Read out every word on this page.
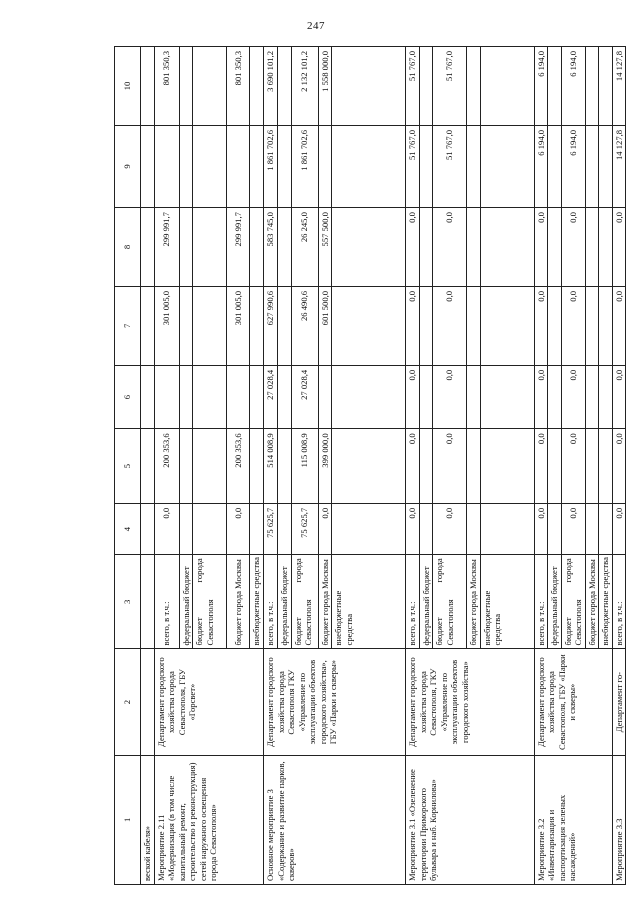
247
1	2	3	4	5	6	7	8	9	10
веской кабеля»									
Мероприятие 2.11 «Модернизация (в том числе капитальный ремонт, строительство и реконструкция) сетей наружного освещения города Севастополя»	Департамент городского хозяйства города Севастополя, ГБУ «Горсвет»	всего, в т.ч.:	0,0	200 353,6		301 005,0	299 991,7		801 350,3
		федеральный бюджет							

		бюджет города
Севастополя							
		бюджет города Москвы	0,0	200 353,6		301 005,0	299 991,7		801 350,3
		внебюджетные средства							
Основное мероприятие 3 «Содержание и развитие парков, скверов»	Департамент городского хозяйства города Севастополя ГКУ «Управление по эксплуатации объектов городского хозяйства», ГБУ «Парки и скверы»	всего, в т.ч.:	75 625,7	514 008,9	27 028,4	627 990,6	583 745,0	1 861 702,6	3 690 101,2
		федеральный бюджет							

		бюджет города
Севастополя	75 625,7	115 008,9	27 028,4	26 490,6	26 245,0	1 861 702,6	2 132 101,2
		бюджет города Москвы	0,0	399 000,0		601 500,0	557 500,0		1 558 000,0
		внебюджетные средства							
Мероприятие 3.1 «Озеленение территории Приморского бульвара и наб. Корнилова»	Департамент городского хозяйства города Севастополя, ГКУ «Управление по эксплуатации объектов городского хозяйства»	всего, в т.ч.:	0,0	0,0	0,0	0,0	0,0	51 767,0	51 767,0
		федеральный бюджет							

		бюджет города
Севастополя	0,0	0,0	0,0	0,0	0,0	51 767,0	51 767,0
		бюджет города Москвы							
		внебюджетные средства							
Мероприятие 3.2 «Инвентаризация и паспортизация зеленых насаждений»	Департамент городского хозяйства города Севастополя, ГБУ «Парки и скверы»	всего, в т.ч.:	0,0	0,0	0,0	0,0	0,0	6 194,0	6 194,0
		федеральный бюджет							

		бюджет города
Севастополя	0,0	0,0	0,0	0,0	0,0	6 194,0	6 194,0
		бюджет города Москвы							
		внебюджетные средства							
Мероприятие 3.3	Департамент го-	всего, в т.ч.:	0,0	0,0	0,0	0,0	0,0	14 127,8	14 127,8
